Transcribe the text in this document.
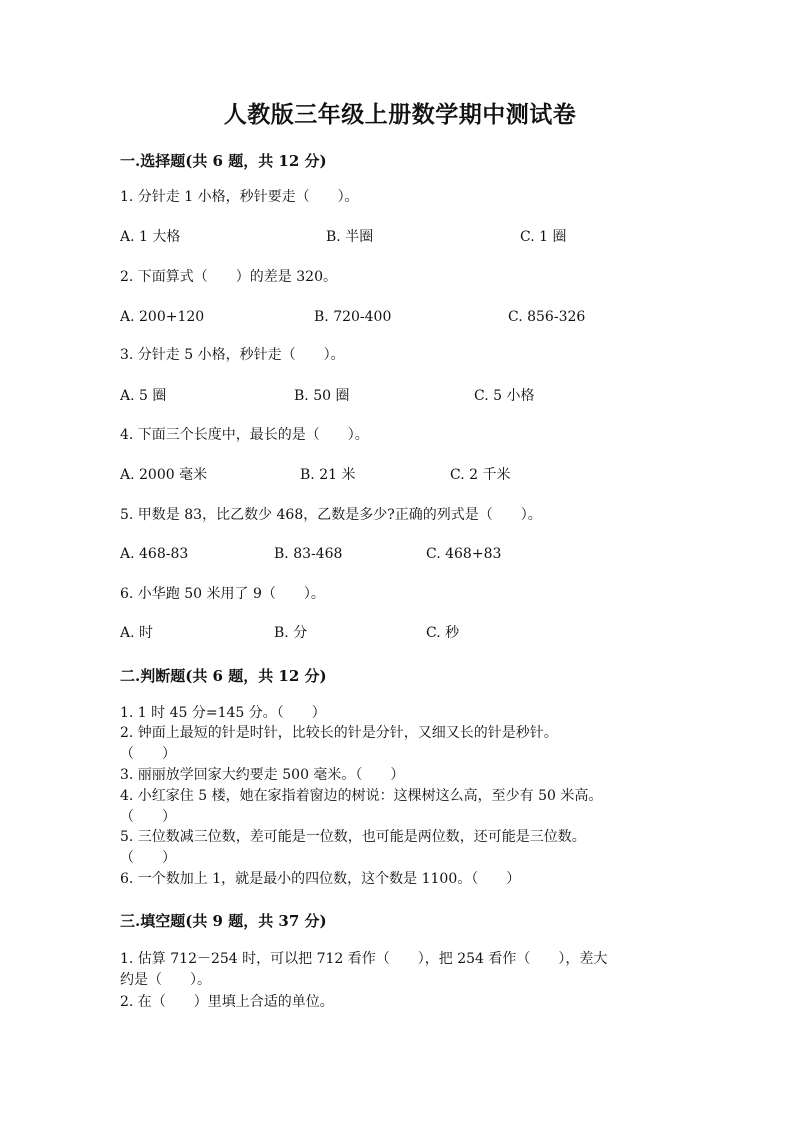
人教版三年级上册数学期中测试卷
一.选择题(共 6 题，共 12 分)
1. 分针走 1 小格，秒针要走（　　）。
A. 1 大格	B. 半圈	C. 1 圈
2. 下面算式（　　）的差是 320。
A. 200+120	B. 720-400	C. 856-326
3. 分针走 5 小格，秒针走（　　）。
A. 5 圈	B. 50 圈	C. 5 小格
4. 下面三个长度中，最长的是（　　）。
A. 2000 毫米	B. 21 米	C. 2 千米
5. 甲数是 83，比乙数少 468，乙数是多少?正确的列式是（　　）。
A. 468-83	B. 83-468	C. 468+83
6. 小华跑 50 米用了 9（　　）。
A. 时	B. 分	C. 秒
二.判断题(共 6 题，共 12 分)
1. 1 时 45 分=145 分。（　　）
2. 钟面上最短的针是时针，比较长的针是分针，又细又长的针是秒针。
（　　）
3. 丽丽放学回家大约要走 500 毫米。（　　）
4. 小红家住 5 楼，她在家指着窗边的树说：这棵树这么高，至少有 50 米高。
（　　）
5. 三位数减三位数，差可能是一位数，也可能是两位数，还可能是三位数。
（　　）
6. 一个数加上 1，就是最小的四位数，这个数是 1100。（　　）
三.填空题(共 9 题，共 37 分)
1. 估算 712－254 时，可以把 712 看作（　　），把 254 看作（　　），差大
约是（　　）。
2. 在（　　）里填上合适的单位。
